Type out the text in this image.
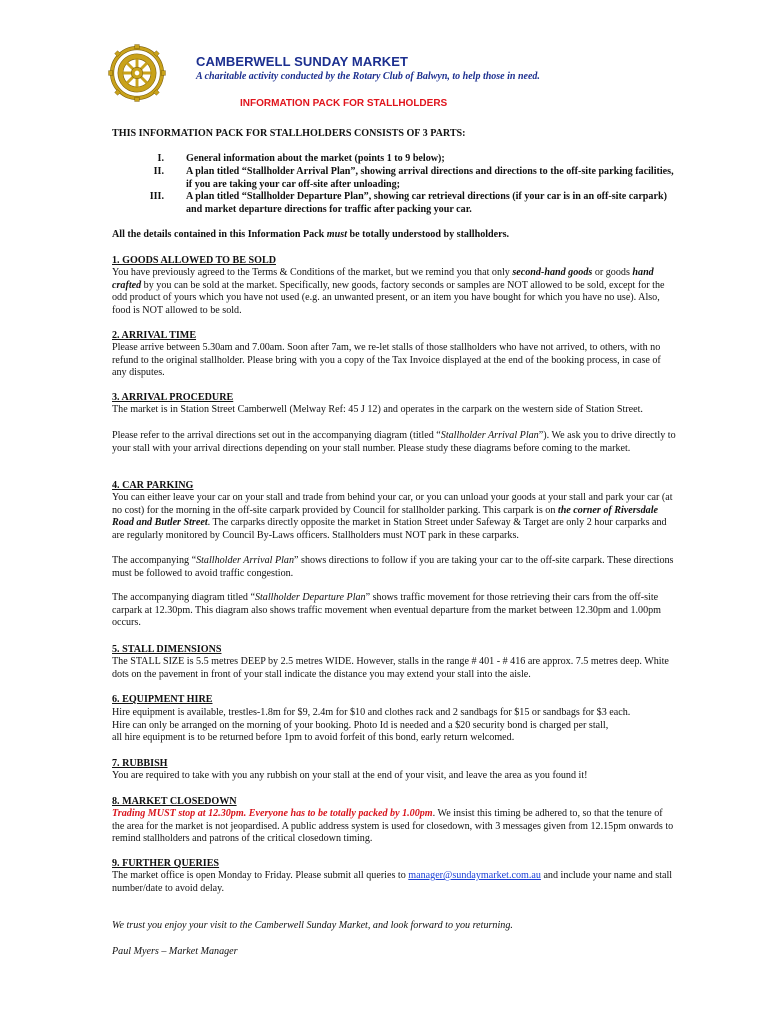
CAMBERWELL SUNDAY MARKET
A charitable activity conducted by the Rotary Club of Balwyn, to help those in need.
INFORMATION PACK FOR STALLHOLDERS
THIS INFORMATION PACK FOR STALLHOLDERS CONSISTS OF 3 PARTS:
I. General information about the market (points 1 to 9 below);
II. A plan titled “Stallholder Arrival Plan”, showing arrival directions and directions to the off-site parking facilities, if you are taking your car off-site after unloading;
III. A plan titled “Stallholder Departure Plan”, showing car retrieval directions (if your car is in an off-site carpark) and market departure directions for traffic after packing your car.
All the details contained in this Information Pack must be totally understood by stallholders.
1. GOODS ALLOWED TO BE SOLD
You have previously agreed to the Terms & Conditions of the market, but we remind you that only second-hand goods or goods hand crafted by you can be sold at the market. Specifically, new goods, factory seconds or samples are NOT allowed to be sold, except for the odd product of yours which you have not used (e.g. an unwanted present, or an item you have bought for which you have no use). Also, food is NOT allowed to be sold.
2. ARRIVAL TIME
Please arrive between 5.30am and 7.00am. Soon after 7am, we re-let stalls of those stallholders who have not arrived, to others, with no refund to the original stallholder. Please bring with you a copy of the Tax Invoice displayed at the end of the booking process, in case of any disputes.
3. ARRIVAL PROCEDURE
The market is in Station Street Camberwell (Melway Ref: 45 J 12) and operates in the carpark on the western side of Station Street.
Please refer to the arrival directions set out in the accompanying diagram (titled “Stallholder Arrival Plan”). We ask you to drive directly to your stall with your arrival directions depending on your stall number. Please study these diagrams before coming to the market.
4. CAR PARKING
You can either leave your car on your stall and trade from behind your car, or you can unload your goods at your stall and park your car (at no cost) for the morning in the off-site carpark provided by Council for stallholder parking. This carpark is on the corner of Riversdale Road and Butler Street. The carparks directly opposite the market in Station Street under Safeway & Target are only 2 hour carparks and are regularly monitored by Council By-Laws officers. Stallholders must NOT park in these carparks.
The accompanying “Stallholder Arrival Plan” shows directions to follow if you are taking your car to the off-site carpark. These directions must be followed to avoid traffic congestion.
The accompanying diagram titled “Stallholder Departure Plan” shows traffic movement for those retrieving their cars from the off-site carpark at 12.30pm. This diagram also shows traffic movement when eventual departure from the market between 12.30pm and 1.00pm occurs.
5. STALL DIMENSIONS
The STALL SIZE is 5.5 metres DEEP by 2.5 metres WIDE. However, stalls in the range # 401 - # 416 are approx. 7.5 metres deep. White dots on the pavement in front of your stall indicate the distance you may extend your stall into the aisle.
6. EQUIPMENT HIRE
Hire equipment is available, trestles-1.8m for $9, 2.4m for $10 and clothes rack and 2 sandbags for $15 or sandbags for $3 each.
Hire can only be arranged on the morning of your booking. Photo Id is needed and a $20 security bond is charged per stall,
all hire equipment is to be returned before 1pm to avoid forfeit of this bond, early return welcomed.
7. RUBBISH
You are required to take with you any rubbish on your stall at the end of your visit, and leave the area as you found it!
8. MARKET CLOSEDOWN
Trading MUST stop at 12.30pm. Everyone has to be totally packed by 1.00pm. We insist this timing be adhered to, so that the tenure of the area for the market is not jeopardised. A public address system is used for closedown, with 3 messages given from 12.15pm onwards to remind stallholders and patrons of the critical closedown timing.
9. FURTHER QUERIES
The market office is open Monday to Friday. Please submit all queries to manager@sundaymarket.com.au and include your name and stall number/date to avoid delay.
We trust you enjoy your visit to the Camberwell Sunday Market, and look forward to you returning.
Paul Myers – Market Manager
